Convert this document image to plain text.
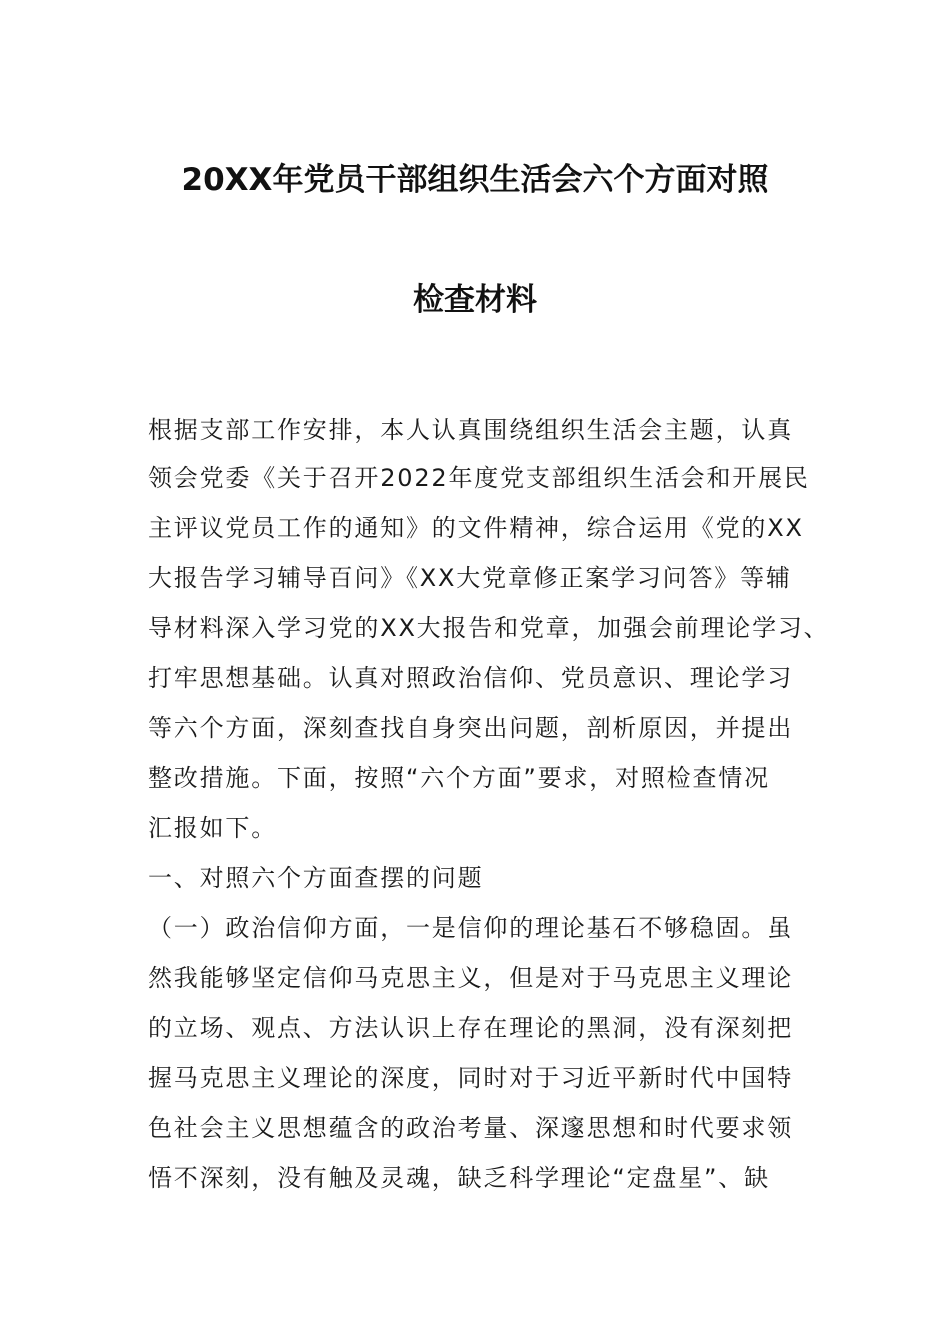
20XX年党员干部组织生活会六个方面对照
检查材料
根据支部工作安排，本人认真围绕组织生活会主题，认真
领会党委《关于召开2022年度党支部组织生活会和开展民
主评议党员工作的通知》的文件精神，综合运用《党的XX
大报告学习辅导百问》《XX大党章修正案学习问答》等辅
导材料深入学习党的XX大报告和党章，加强会前理论学习、
打牢思想基础。认真对照政治信仰、党员意识、理论学习
等六个方面，深刻查找自身突出问题，剖析原因，并提出
整改措施。下面，按照“六个方面”要求，对照检查情况
汇报如下。
一、对照六个方面查摆的问题
（一）政治信仰方面，一是信仰的理论基石不够稳固。虽
然我能够坚定信仰马克思主义，但是对于马克思主义理论
的立场、观点、方法认识上存在理论的黑洞，没有深刻把
握马克思主义理论的深度，同时对于习近平新时代中国特
色社会主义思想蕴含的政治考量、深邃思想和时代要求领
悟不深刻，没有触及灵魂，缺乏科学理论“定盘星”、缺
